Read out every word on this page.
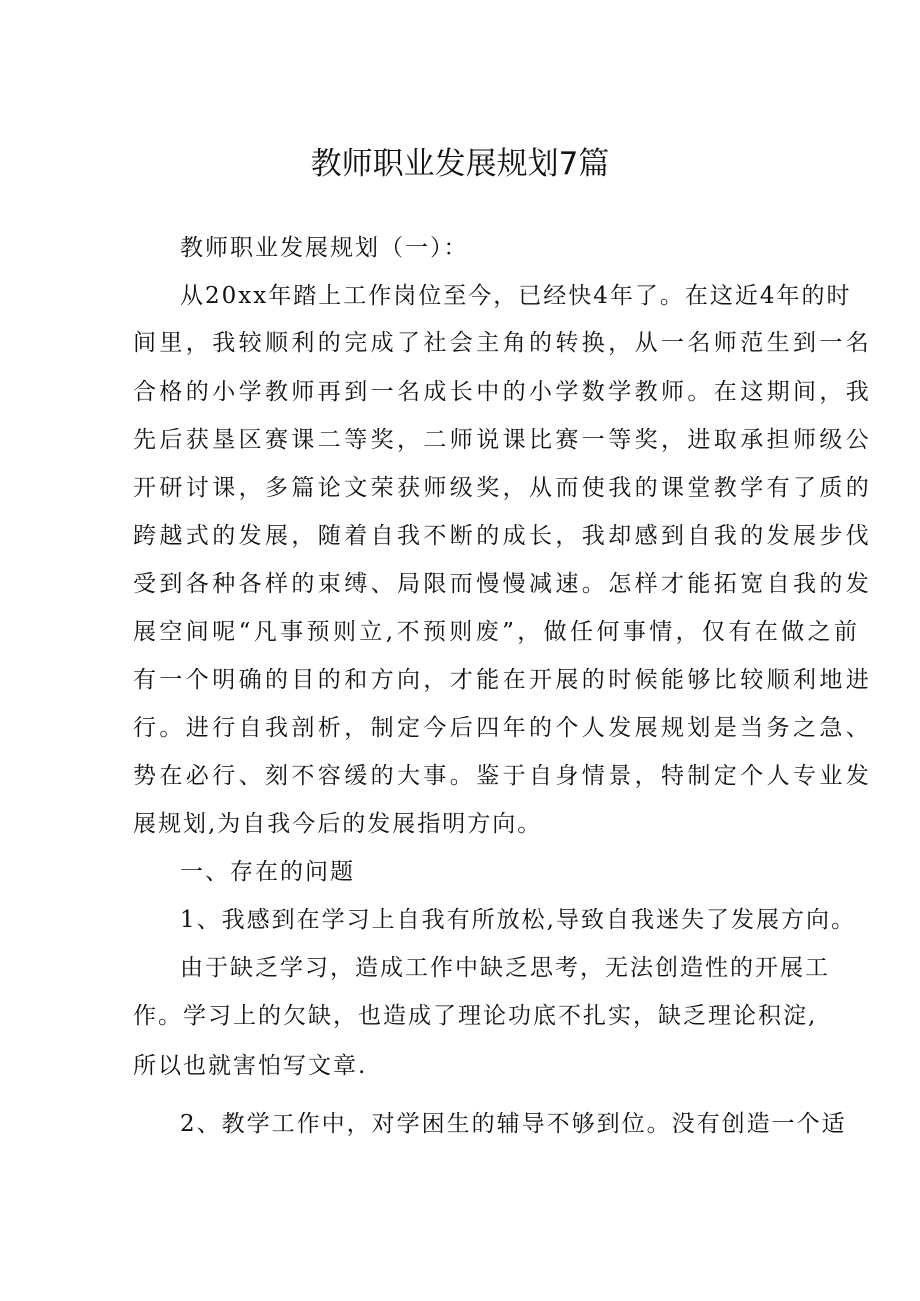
教师职业发展规划7篇
教师职业发展规划（一）：
从20xx年踏上工作岗位至今，已经快4年了。在这近4年的时
间里，我较顺利的完成了社会主角的转换，从一名师范生到一名
合格的小学教师再到一名成长中的小学数学教师。在这期间，我
先后获垦区赛课二等奖，二师说课比赛一等奖，进取承担师级公
开研讨课，多篇论文荣获师级奖，从而使我的课堂教学有了质的
跨越式的发展，随着自我不断的成长，我却感到自我的发展步伐
受到各种各样的束缚、局限而慢慢减速。怎样才能拓宽自我的发
展空间呢“凡事预则立,不预则废”，做任何事情，仅有在做之前
有一个明确的目的和方向，才能在开展的时候能够比较顺利地进
行。进行自我剖析，制定今后四年的个人发展规划是当务之急、
势在必行、刻不容缓的大事。鉴于自身情景，特制定个人专业发
展规划,为自我今后的发展指明方向。
一、存在的问题
1、我感到在学习上自我有所放松,导致自我迷失了发展方向。
由于缺乏学习，造成工作中缺乏思考，无法创造性的开展工
作。学习上的欠缺，也造成了理论功底不扎实，缺乏理论积淀,
所以也就害怕写文章.
2、教学工作中，对学困生的辅导不够到位。没有创造一个适
